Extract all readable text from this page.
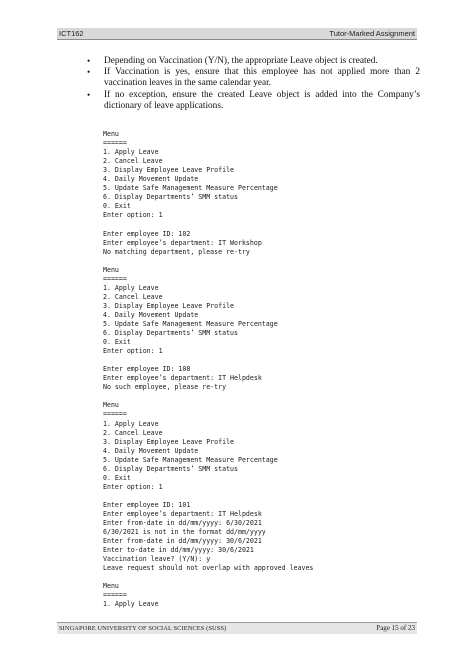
ICT162	Tutor-Marked Assignment
• Depending on Vaccination (Y/N), the appropriate Leave object is created.
• If Vaccination is yes, ensure that this employee has not applied more than 2 vaccination leaves in the same calendar year.
• If no exception, ensure the created Leave object is added into the Company’s dictionary of leave applications.
Menu
======
1. Apply Leave
2. Cancel Leave
3. Display Employee Leave Profile
4. Daily Movement Update
5. Update Safe Management Measure Percentage
6. Display Departments’ SMM status
0. Exit
Enter option: 1
Enter employee ID: 102
Enter employee’s department: IT Workshop
No matching department, please re-try
Menu
======
1. Apply Leave
2. Cancel Leave
3. Display Employee Leave Profile
4. Daily Movement Update
5. Update Safe Management Measure Percentage
6. Display Departments’ SMM status
0. Exit
Enter option: 1
Enter employee ID: 108
Enter employee’s department: IT Helpdesk
No such employee, please re-try
Menu
======
1. Apply Leave
2. Cancel Leave
3. Display Employee Leave Profile
4. Daily Movement Update
5. Update Safe Management Measure Percentage
6. Display Departments’ SMM status
0. Exit
Enter option: 1
Enter employee ID: 101
Enter employee’s department: IT Helpdesk
Enter from-date in dd/mm/yyyy: 6/30/2021
6/30/2021 is not in the format dd/mm/yyyy
Enter from-date in dd/mm/yyyy: 30/6/2021
Enter to-date in dd/mm/yyyy: 30/6/2021
Vaccination leave? (Y/N): y
Leave request should not overlap with approved leaves
Menu
======
1. Apply Leave
SINGAPORE UNIVERSITY OF SOCIAL SCIENCES (SUSS)	Page 15 of 23
